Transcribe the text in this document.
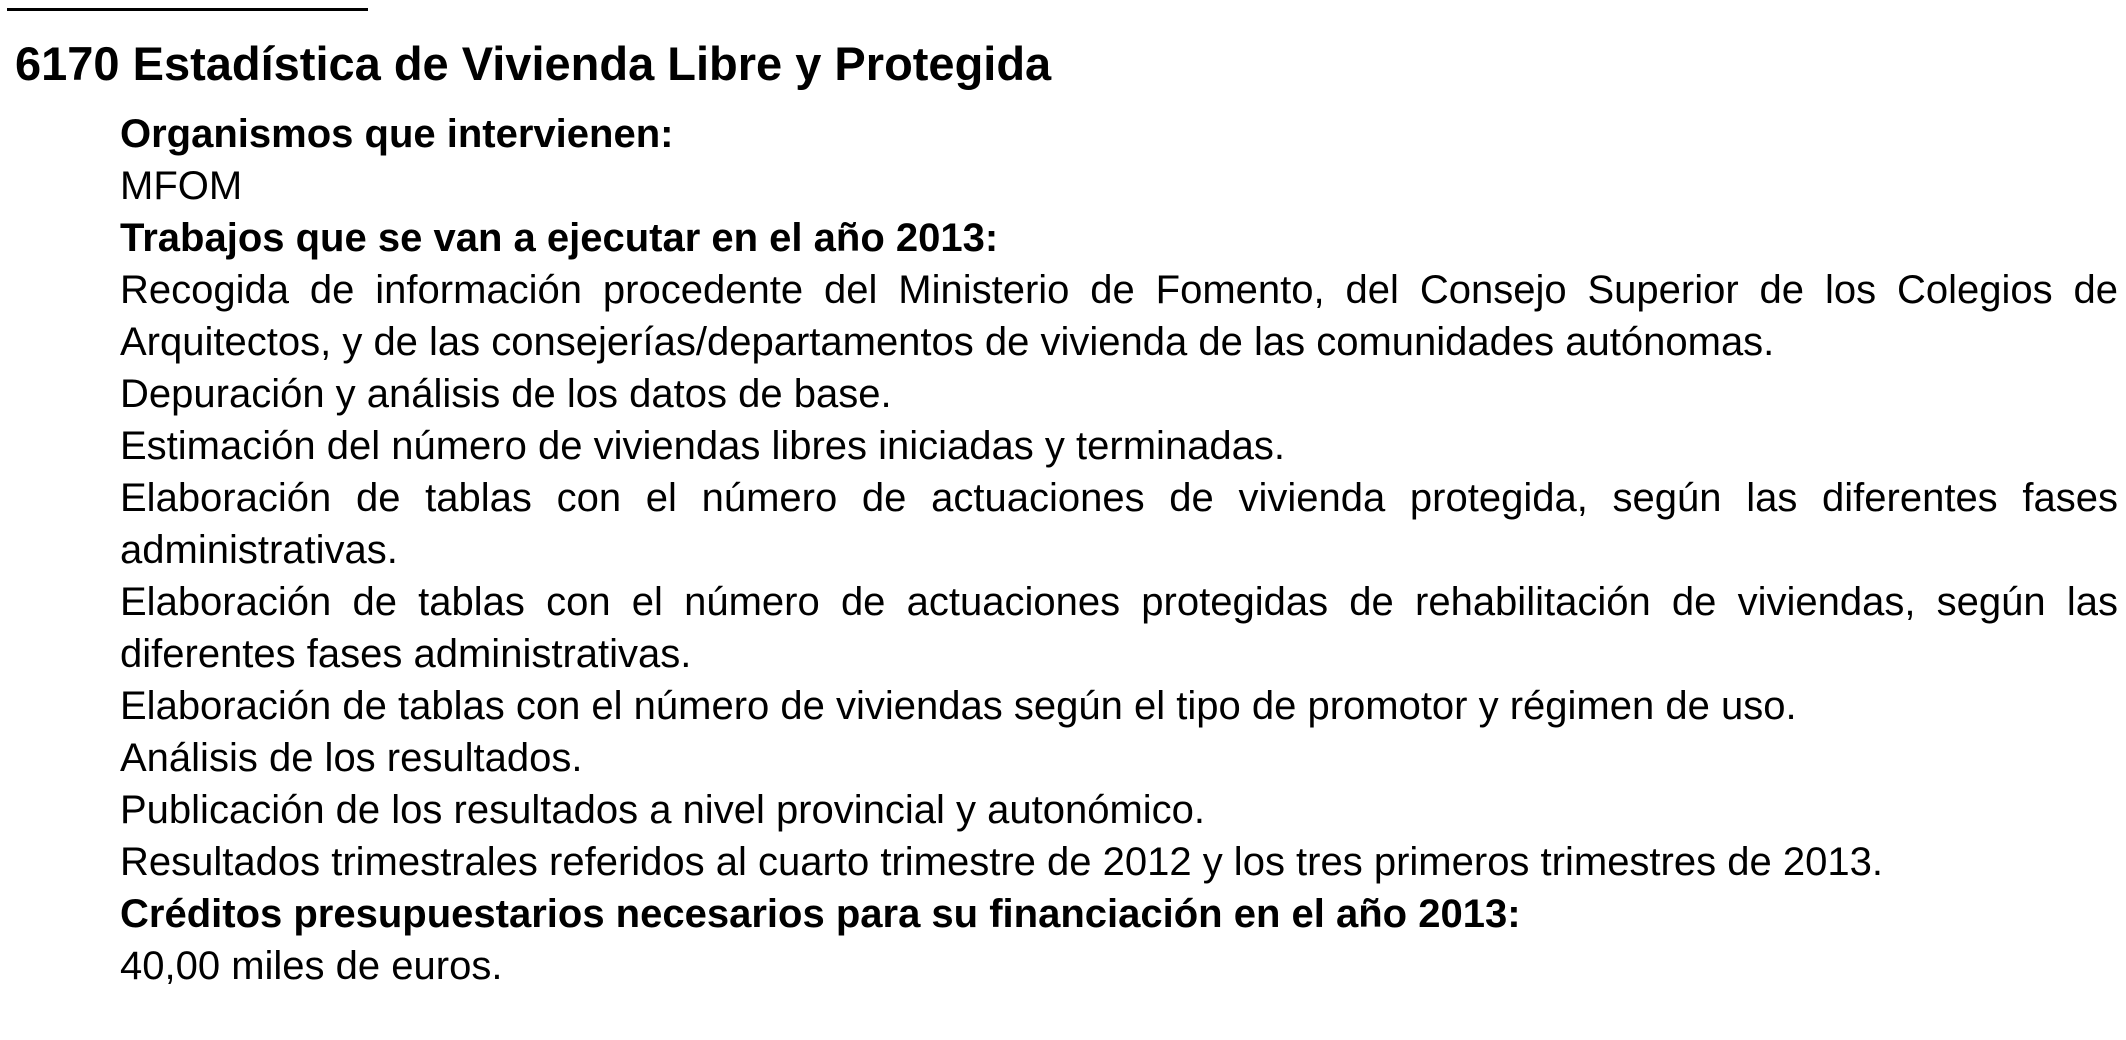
6170 Estadística de Vivienda Libre y Protegida
Organismos que intervienen:

MFOM

Trabajos que se van a ejecutar en el año 2013:

Recogida de información procedente del Ministerio de Fomento, del Consejo Superior de los Colegios de Arquitectos, y de las consejerías/departamentos de vivienda de las comunidades autónomas.

Depuración y análisis de los datos de base.

Estimación del número de viviendas libres iniciadas y terminadas.

Elaboración de tablas con el número de actuaciones de vivienda protegida, según las diferentes fases administrativas.

Elaboración de tablas con el número de actuaciones protegidas de rehabilitación de viviendas, según las diferentes fases administrativas.

Elaboración de tablas con el número de viviendas según el tipo de promotor y régimen de uso.

Análisis de los resultados.

Publicación de los resultados a nivel provincial y autonómico.

Resultados trimestrales referidos al cuarto trimestre de 2012 y los tres primeros trimestres de 2013.

Créditos presupuestarios necesarios para su financiación en el año 2013:

40,00 miles de euros.
